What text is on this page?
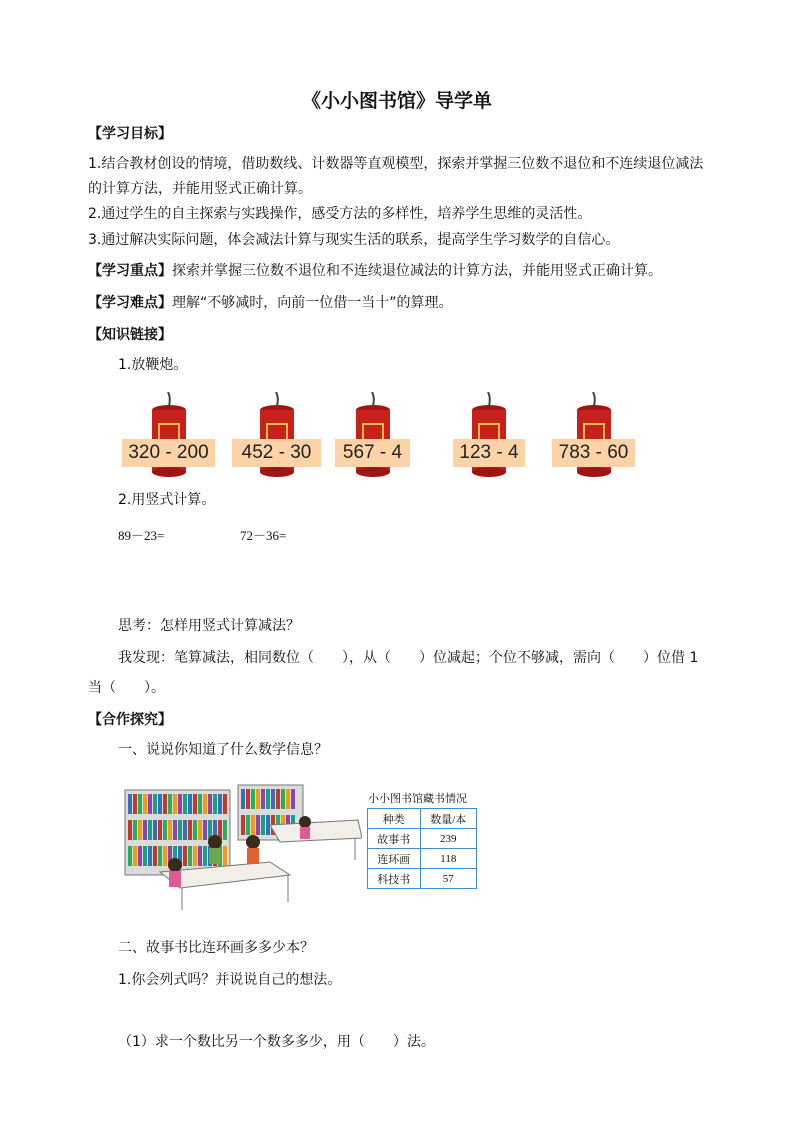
《小小图书馆》导学单
【学习目标】
1.结合教材创设的情境，借助数线、计数器等直观模型，探索并掌握三位数不退位和不连续退位减法
的计算方法，并能用竖式正确计算。
2.通过学生的自主探索与实践操作，感受方法的多样性，培养学生思维的灵活性。
3.通过解决实际问题，体会减法计算与现实生活的联系，提高学生学习数学的自信心。
【学习重点】探索并掌握三位数不退位和不连续退位减法的计算方法，并能用竖式正确计算。
【学习难点】理解“不够减时，向前一位借一当十”的算理。
【知识链接】
1.放鞭炮。
320 - 200	452 - 30	567 - 4	123 - 4	783 - 60
2.用竖式计算。
89－23=	72－36=
思考：怎样用竖式计算减法？
我发现：笔算减法，相同数位（　　），从（　　）位减起；个位不够减，需向（　　）位借 1
当（　　）。
【合作探究】
一、说说你知道了什么数学信息？
小小图书馆藏书情况
种类	数量/本
故事书	239
连环画	118
科技书	57
二、故事书比连环画多多少本？
1.你会列式吗？并说说自己的想法。
（1）求一个数比另一个数多多少，用（　　）法。
